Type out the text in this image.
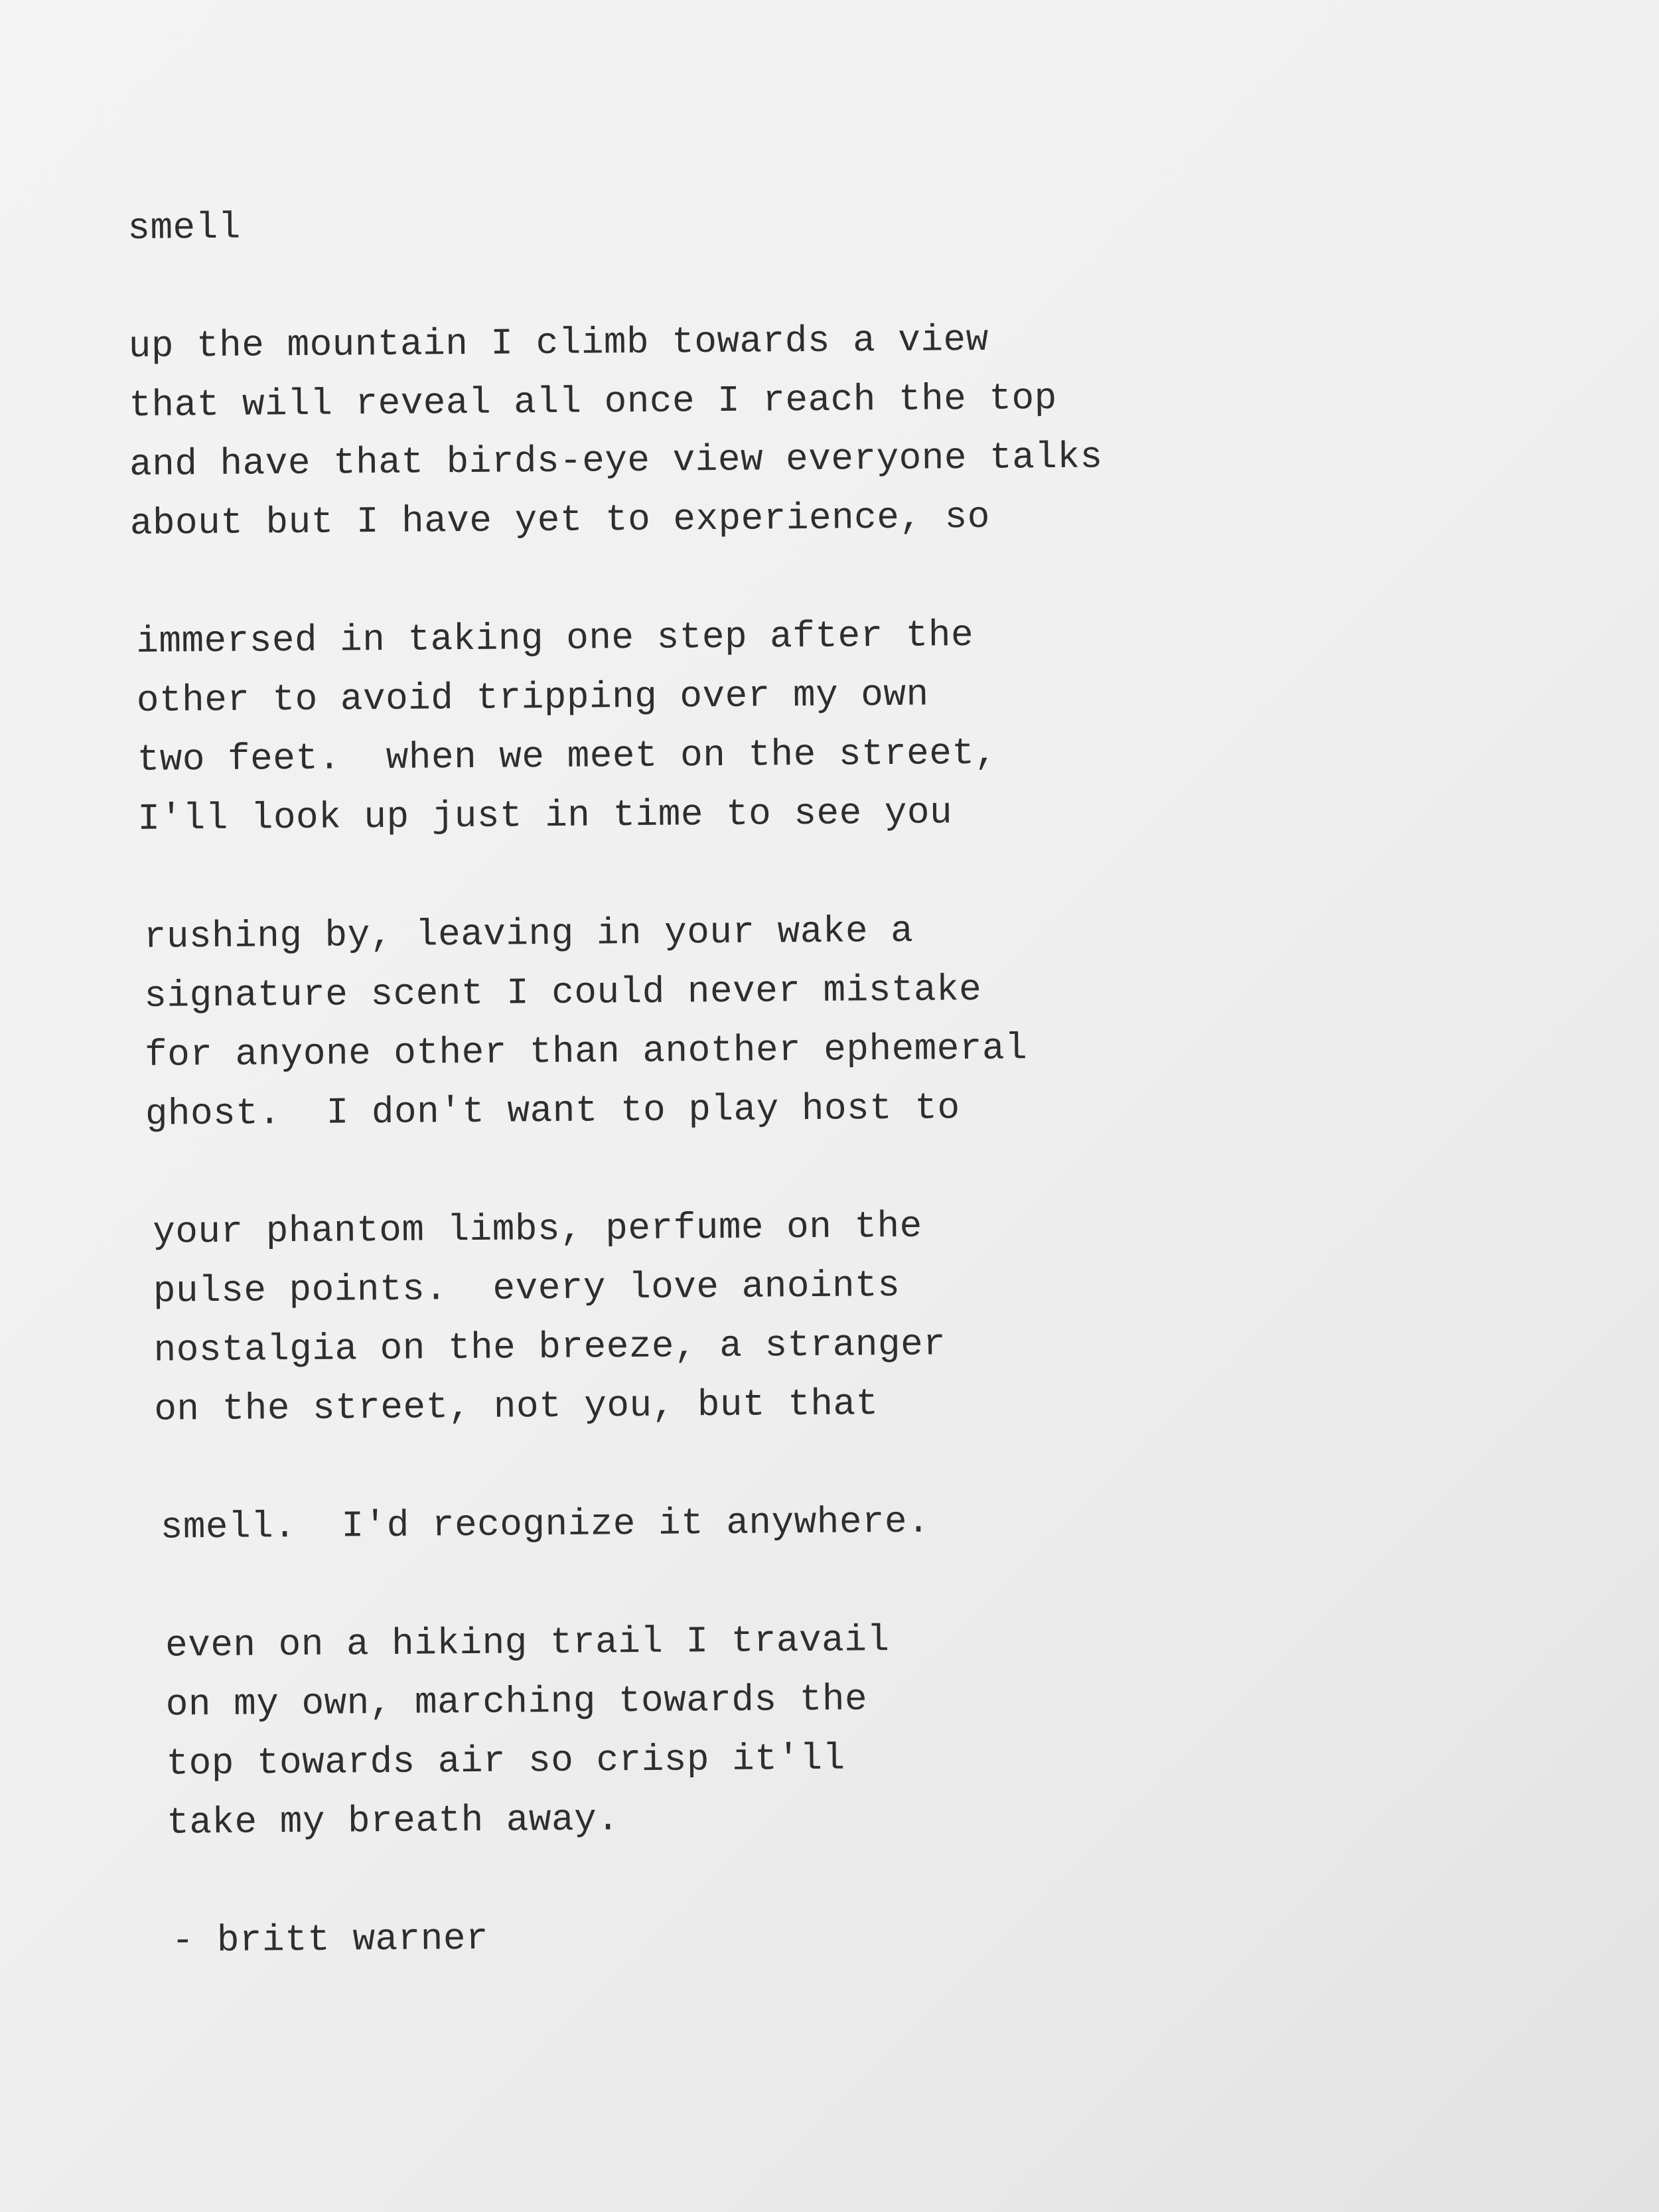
smell
up the mountain I climb towards a view
that will reveal all once I reach the top
and have that birds-eye view everyone talks
about but I have yet to experience, so
immersed in taking one step after the
other to avoid tripping over my own
two feet.  when we meet on the street,
I'll look up just in time to see you
rushing by, leaving in your wake a
signature scent I could never mistake
for anyone other than another ephemeral
ghost.  I don't want to play host to
your phantom limbs, perfume on the
pulse points.  every love anoints
nostalgia on the breeze, a stranger
on the street, not you, but that
smell.  I'd recognize it anywhere.
even on a hiking trail I travail
on my own, marching towards the
top towards air so crisp it'll
take my breath away.
- britt warner
